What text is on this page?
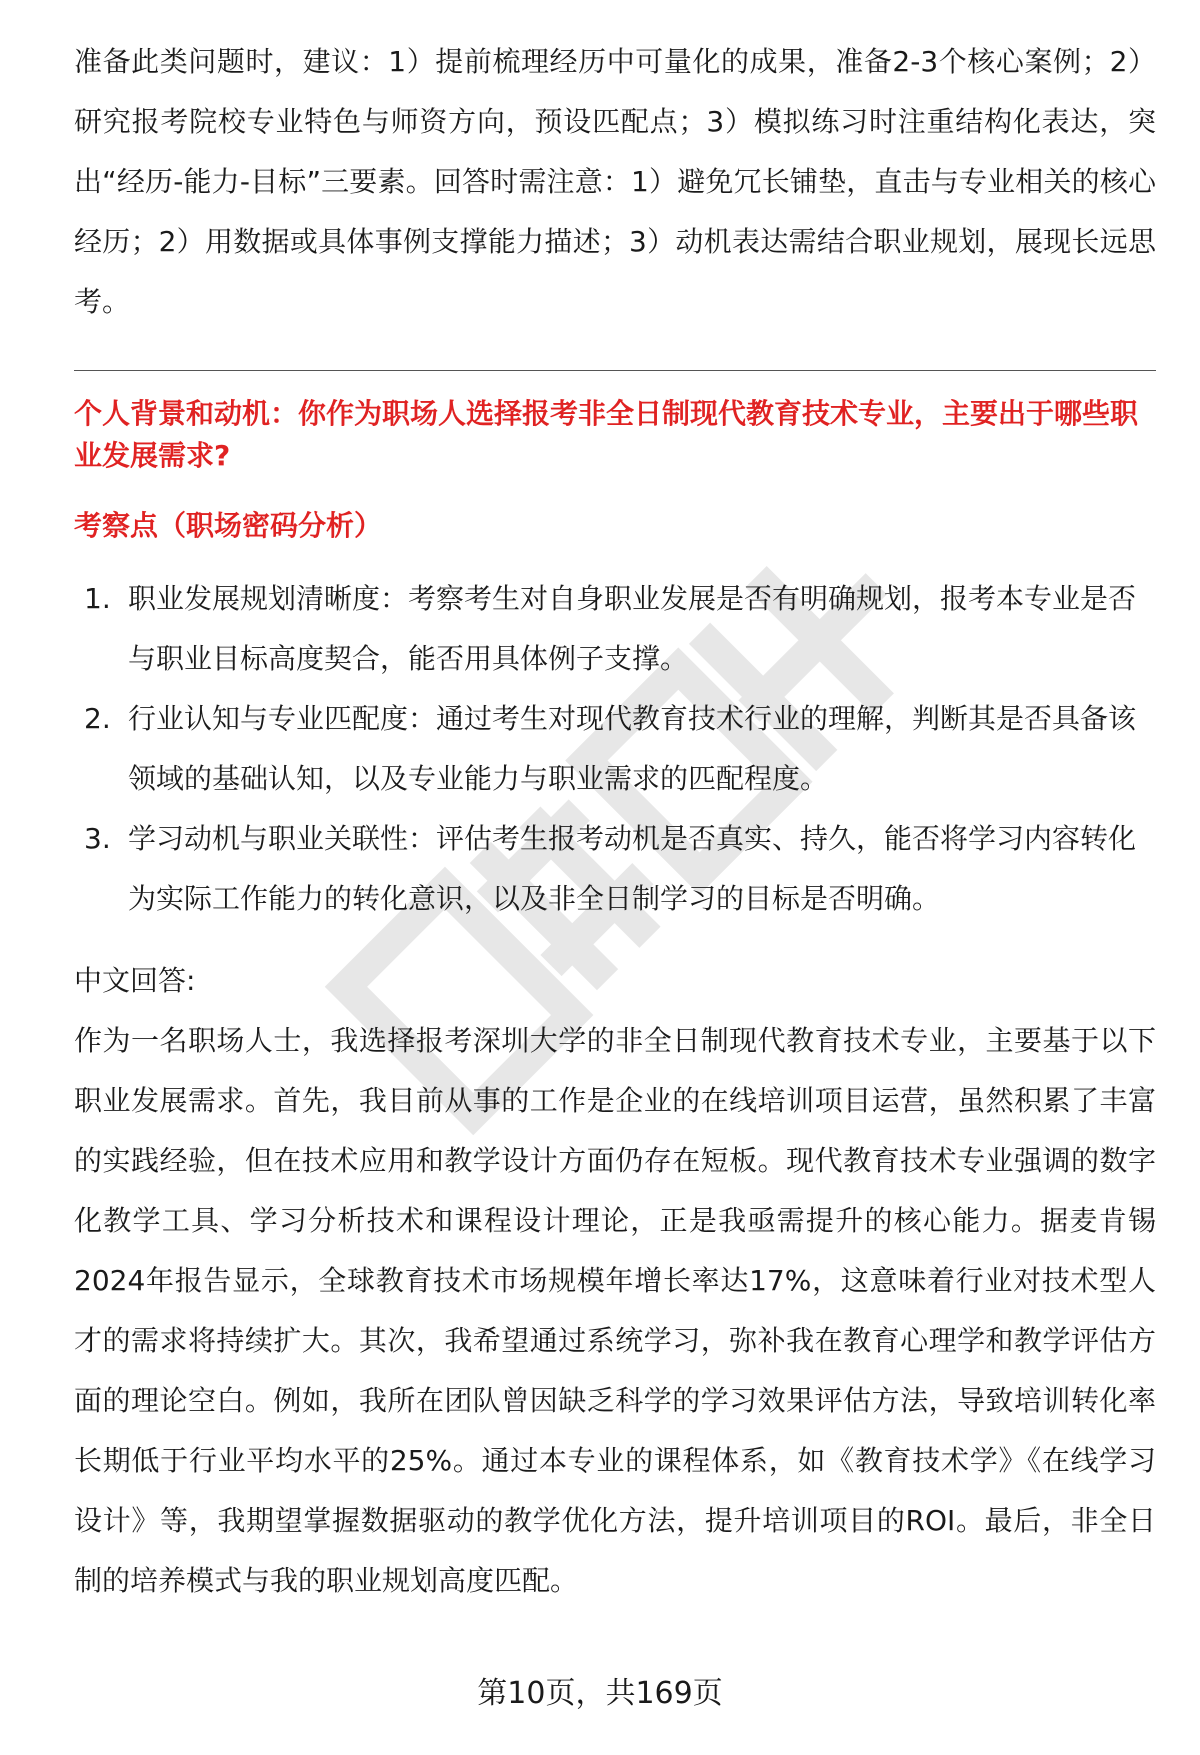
准备此类问题时，建议：1）提前梳理经历中可量化的成果，准备2-3个核心案例；2）研究报考院校专业特色与师资方向，预设匹配点；3）模拟练习时注重结构化表达，突出“经历-能力-目标”三要素。回答时需注意：1）避免冗长铺垫，直击与专业相关的核心经历；2）用数据或具体事例支撑能力描述；3）动机表达需结合职业规划，展现长远思考。

个人背景和动机：你作为职场人选择报考非全日制现代教育技术专业，主要出于哪些职业发展需求?
考察点（职场密码分析）
1. 职业发展规划清晰度：考察考生对自身职业发展是否有明确规划，报考本专业是否与职业目标高度契合，能否用具体例子支撑。
2. 行业认知与专业匹配度：通过考生对现代教育技术行业的理解，判断其是否具备该领域的基础认知，以及专业能力与职业需求的匹配程度。
3. 学习动机与职业关联性：评估考生报考动机是否真实、持久，能否将学习内容转化为实际工作能力的转化意识，以及非全日制学习的目标是否明确。

中文回答:

作为一名职场人士，我选择报考深圳大学的非全日制现代教育技术专业，主要基于以下职业发展需求。首先，我目前从事的工作是企业的在线培训项目运营，虽然积累了丰富的实践经验，但在技术应用和教学设计方面仍存在短板。现代教育技术专业强调的数字化教学工具、学习分析技术和课程设计理论，正是我亟需提升的核心能力。据麦肯锡2024年报告显示，全球教育技术市场规模年增长率达17%，这意味着行业对技术型人才的需求将持续扩大。其次，我希望通过系统学习，弥补我在教育心理学和教学评估方面的理论空白。例如，我所在团队曾因缺乏科学的学习效果评估方法，导致培训转化率长期低于行业平均水平的25%。通过本专业的课程体系，如《教育技术学》《在线学习设计》等，我期望掌握数据驱动的教学优化方法，提升培训项目的ROI。最后，非全日制的培养模式与我的职业规划高度匹配。

第10页，共169页
